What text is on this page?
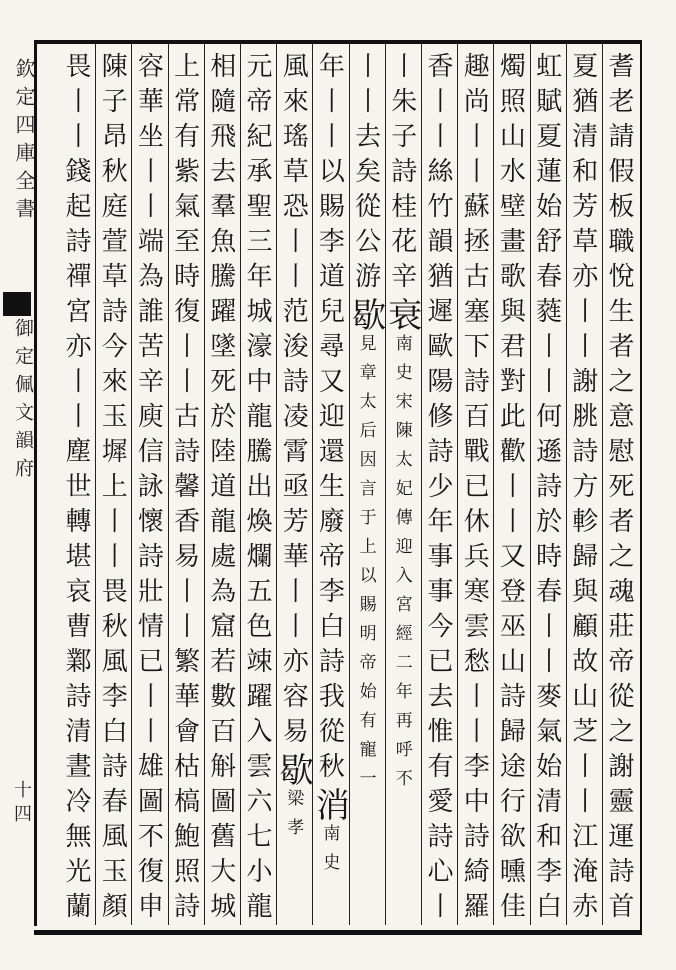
欽定四庫全書
御定佩文韻府
十四	耆老請假板職悅生者之意慰死者之魂莊帝從之謝靈運詩首
夏猶清和芳草亦丨丨謝脁詩方軫歸與顧故山芝丨丨江淹赤
虹賦夏蓮始舒春蕤丨丨何遜詩於時春丨丨麥氣始清和李白
燭照山水壁畫歌與君對此歡丨丨又登巫山詩歸途行欲曛佳
趣尚丨丨蘇拯古塞下詩百戰已休兵寒雲愁丨丨李中詩綺羅
香丨丨絲竹韻猶遲歐陽修詩少年事事今已去惟有愛詩心丨
丨朱子詩桂花辛衰南史宋陳太妃傳迎入宮經二年再呼不
丨丨去矣從公游歇見章太后因言于上以賜明帝始有寵一
年丨丨以賜李道兒尋又迎還生廢帝李白詩我從秋消南史
風來瑤草恐丨丨范浚詩凌霄亟芳華丨丨亦容易歇梁孝
元帝紀承聖三年城濠中龍騰出煥爛五色竦躍入雲六七小龍
相隨飛去羣魚騰躍墜死於陸道龍處為窟若數百斛圖舊大城
上常有紫氣至時復丨丨古詩馨香易丨丨繁華會枯槁鮑照詩
容華坐丨丨端為誰苦辛庾信詠懷詩壯情已丨丨雄圖不復申
陳子昂秋庭萱草詩今來玉墀上丨丨畏秋風李白詩春風玉顏
畏丨丨錢起詩禪宮亦丨丨塵世轉堪哀曹鄴詩清晝冷無光蘭
